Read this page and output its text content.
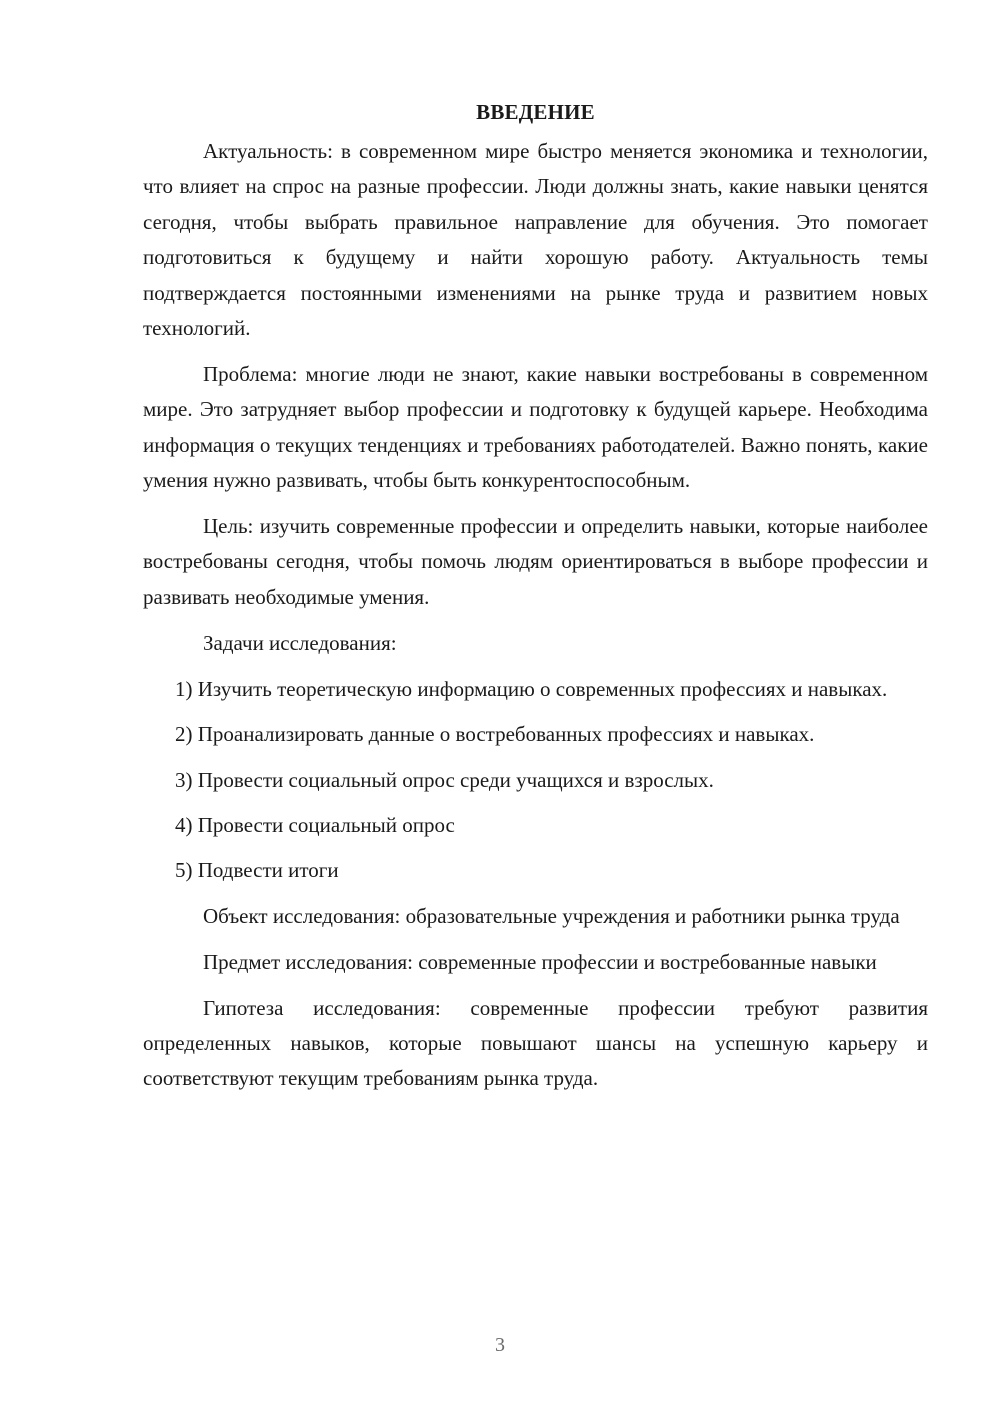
ВВЕДЕНИЕ

Актуальность: в современном мире быстро меняется экономика и технологии, что влияет на спрос на разные профессии. Люди должны знать, какие навыки ценятся сегодня, чтобы выбрать правильное направление для обучения. Это помогает подготовиться к будущему и найти хорошую работу. Актуальность темы подтверждается постоянными изменениями на рынке труда и развитием новых технологий.

Проблема: многие люди не знают, какие навыки востребованы в современном мире. Это затрудняет выбор профессии и подготовку к будущей карьере. Необходима информация о текущих тенденциях и требованиях работодателей. Важно понять, какие умения нужно развивать, чтобы быть конкурентоспособным.

Цель: изучить современные профессии и определить навыки, которые наиболее востребованы сегодня, чтобы помочь людям ориентироваться в выборе профессии и развивать необходимые умения.

Задачи исследования:

1) Изучить теоретическую информацию о современных профессиях и навыках.

2) Проанализировать данные о востребованных профессиях и навыках.

3) Провести социальный опрос среди учащихся и взрослых.

4) Провести социальный опрос

5) Подвести итоги

Объект исследования: образовательные учреждения и работники рынка труда

Предмет исследования: современные профессии и востребованные навыки

Гипотеза исследования: современные профессии требуют развития определенных навыков, которые повышают шансы на успешную карьеру и соответствуют текущим требованиям рынка труда.

3
